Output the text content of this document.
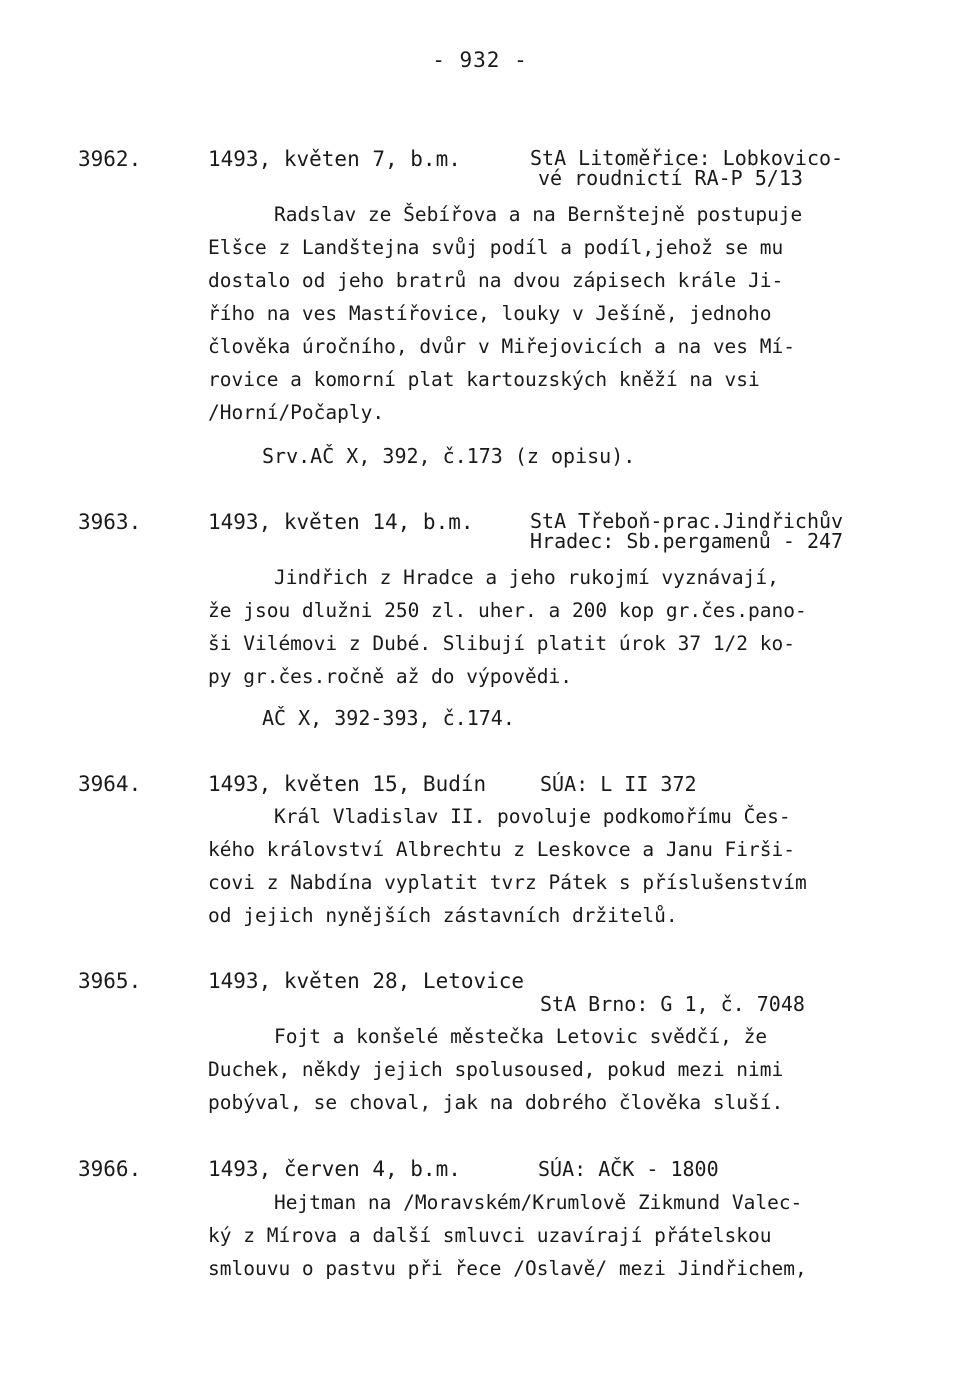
- 932 -
3962.	1493, květen 7, b.m.	StA Litoměřice: Lobkovico-
vé roudnictí RA-P 5/13
Radslav ze Šebířova a na Bernštejně postupuje
Elšce z Landštejna svůj podíl a podíl,jehož se mu
dostalo od jeho bratrů na dvou zápisech krále Ji-
řího na ves Mastířovice, louky v Ješíně, jednoho
člověka úročního, dvůr v Miřejovicích a na ves Mí-
rovice a komorní plat kartouzských kněží na vsi
/Horní/Počaply.
Srv.AČ X, 392, č.173 (z opisu).
3963.	1493, květen 14, b.m.	StA Třeboň-prac.Jindřichův
Hradec: Sb.pergamenů - 247
Jindřich z Hradce a jeho rukojmí vyznávají,
že jsou dlužni 250 zl. uher. a 200 kop gr.čes.pano-
ši Vilémovi z Dubé. Slibují platit úrok 37 1/2 ko-
py gr.čes.ročně až do výpovědi.
AČ X, 392-393, č.174.
3964.	1493, květen 15, Budín	SÚA: L II 372
Král Vladislav II. povoluje podkomořímu Čes-
kého království Albrechtu z Leskovce a Janu Firši-
covi z Nabdína vyplatit tvrz Pátek s příslušenstvím
od jejich nynějších zástavních držitelů.
3965.	1493, květen 28, Letovice
StA Brno: G 1, č. 7048
Fojt a konšelé městečka Letovic svědčí, že
Duchek, někdy jejich spolusoused, pokud mezi nimi
pobýval, se choval, jak na dobrého člověka sluší.
3966.	1493, červen 4, b.m.	SÚA: AČK - 1800
Hejtman na /Moravském/Krumlově Zikmund Valec-
ký z Mírova a další smluvci uzavírají přátelskou
smlouvu o pastvu při řece /Oslavě/ mezi Jindřichem,
